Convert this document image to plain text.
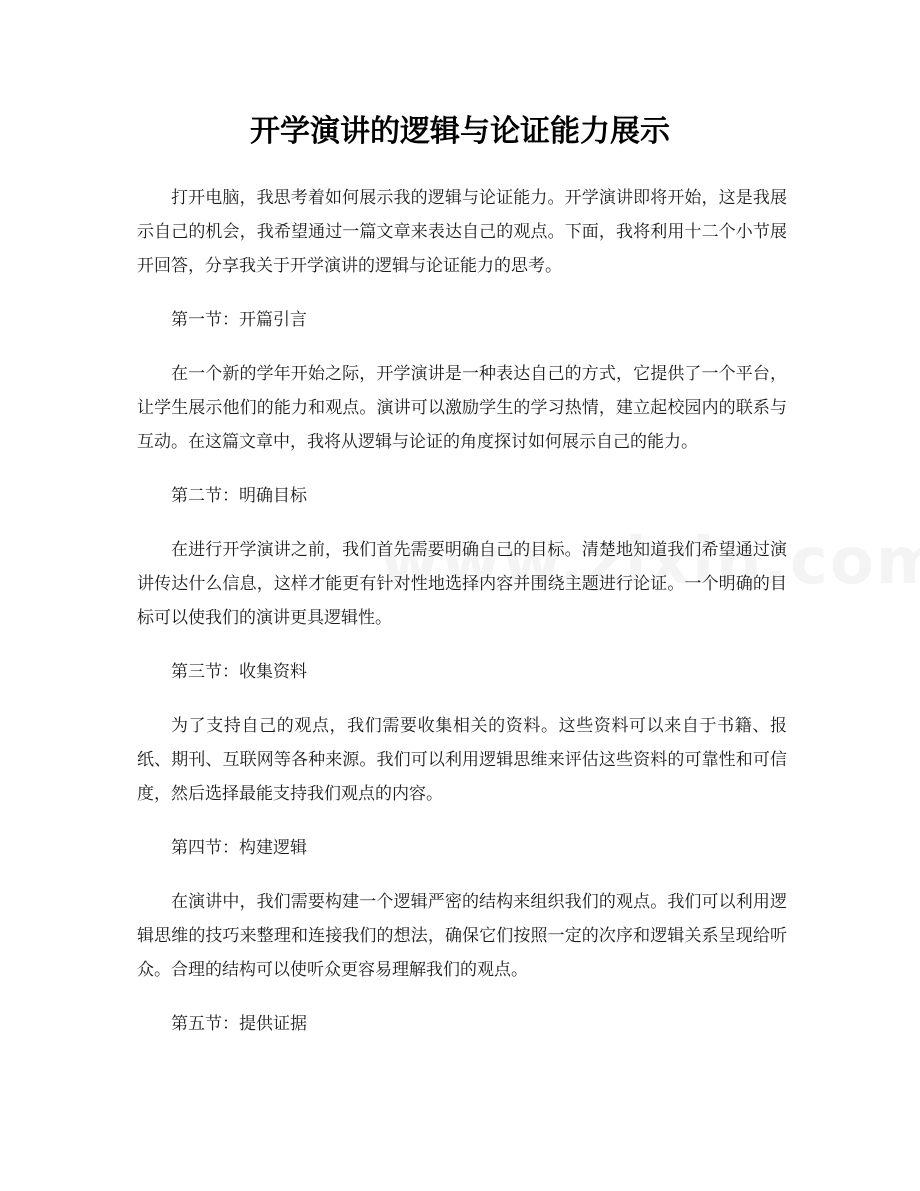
开学演讲的逻辑与论证能力展示

打开电脑，我思考着如何展示我的逻辑与论证能力。开学演讲即将开始，这是我展示自己的机会，我希望通过一篇文章来表达自己的观点。下面，我将利用十二个小节展开回答，分享我关于开学演讲的逻辑与论证能力的思考。

第一节：开篇引言

在一个新的学年开始之际，开学演讲是一种表达自己的方式，它提供了一个平台，让学生展示他们的能力和观点。演讲可以激励学生的学习热情，建立起校园内的联系与互动。在这篇文章中，我将从逻辑与论证的角度探讨如何展示自己的能力。

第二节：明确目标

在进行开学演讲之前，我们首先需要明确自己的目标。清楚地知道我们希望通过演讲传达什么信息，这样才能更有针对性地选择内容并围绕主题进行论证。一个明确的目标可以使我们的演讲更具逻辑性。

第三节：收集资料

为了支持自己的观点，我们需要收集相关的资料。这些资料可以来自于书籍、报纸、期刊、互联网等各种来源。我们可以利用逻辑思维来评估这些资料的可靠性和可信度，然后选择最能支持我们观点的内容。

第四节：构建逻辑

在演讲中，我们需要构建一个逻辑严密的结构来组织我们的观点。我们可以利用逻辑思维的技巧来整理和连接我们的想法，确保它们按照一定的次序和逻辑关系呈现给听众。合理的结构可以使听众更容易理解我们的观点。

第五节：提供证据
